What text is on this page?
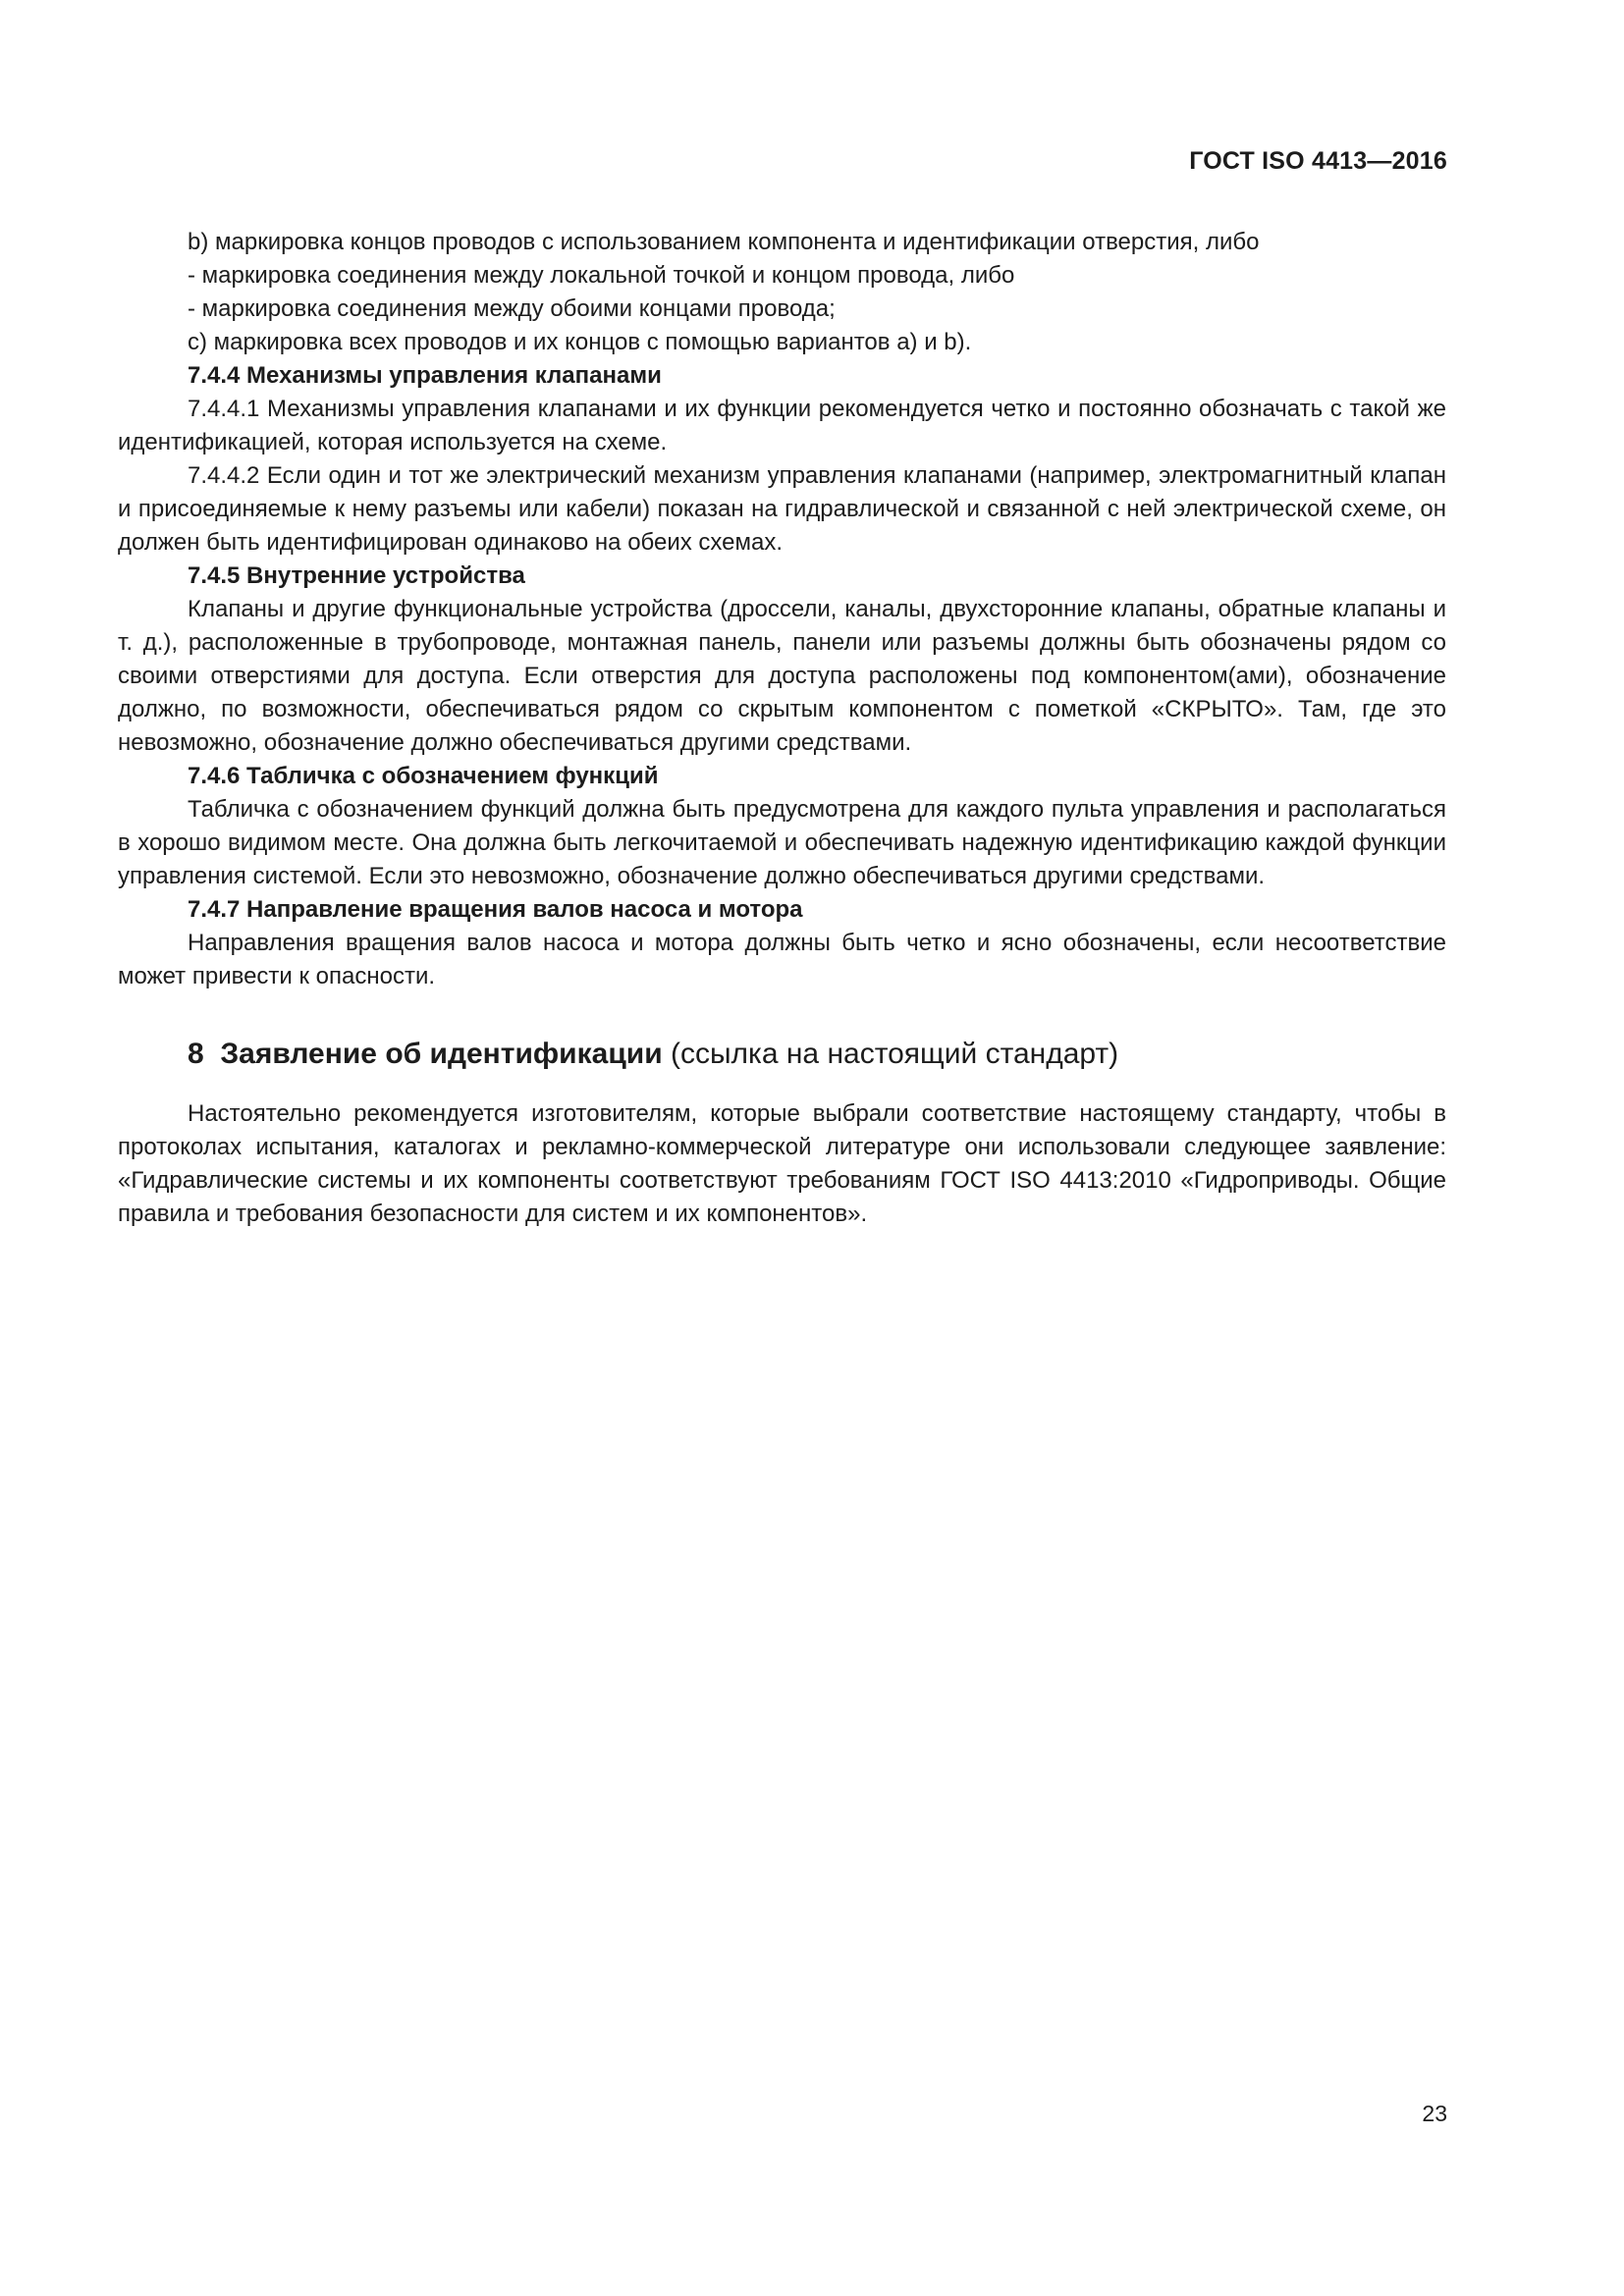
ГОСТ ISO 4413—2016

b) маркировка концов проводов с использованием компонента и идентификации отверстия, либо

- маркировка соединения между локальной точкой и концом провода, либо

- маркировка соединения между обоими концами провода;

c) маркировка всех проводов и их концов с помощью вариантов а) и b).

7.4.4 Механизмы управления клапанами

7.4.4.1 Механизмы управления клапанами и их функции рекомендуется четко и постоянно обозначать с такой же идентификацией, которая используется на схеме.

7.4.4.2 Если один и тот же электрический механизм управления клапанами (например, электромагнитный клапан и присоединяемые к нему разъемы или кабели) показан на гидравлической и связанной с ней электрической схеме, он должен быть идентифицирован одинаково на обеих схемах.

7.4.5 Внутренние устройства

Клапаны и другие функциональные устройства (дроссели, каналы, двухсторонние клапаны, обратные клапаны и т. д.), расположенные в трубопроводе, монтажная панель, панели или разъемы должны быть обозначены рядом со своими отверстиями для доступа. Если отверстия для доступа расположены под компонентом(ами), обозначение должно, по возможности, обеспечиваться рядом со скрытым компонентом с пометкой «СКРЫТО». Там, где это невозможно, обозначение должно обеспечиваться другими средствами.

7.4.6 Табличка с обозначением функций

Табличка с обозначением функций должна быть предусмотрена для каждого пульта управления и располагаться в хорошо видимом месте. Она должна быть легкочитаемой и обеспечивать надежную идентификацию каждой функции управления системой. Если это невозможно, обозначение должно обеспечиваться другими средствами.

7.4.7 Направление вращения валов насоса и мотора

Направления вращения валов насоса и мотора должны быть четко и ясно обозначены, если несоответствие может привести к опасности.

8 Заявление об идентификации (ссылка на настоящий стандарт)

Настоятельно рекомендуется изготовителям, которые выбрали соответствие настоящему стандарту, чтобы в протоколах испытания, каталогах и рекламно-коммерческой литературе они использовали следующее заявление: «Гидравлические системы и их компоненты соответствуют требованиям ГОСТ ISO 4413:2010 «Гидроприводы. Общие правила и требования безопасности для систем и их компонентов».

23
